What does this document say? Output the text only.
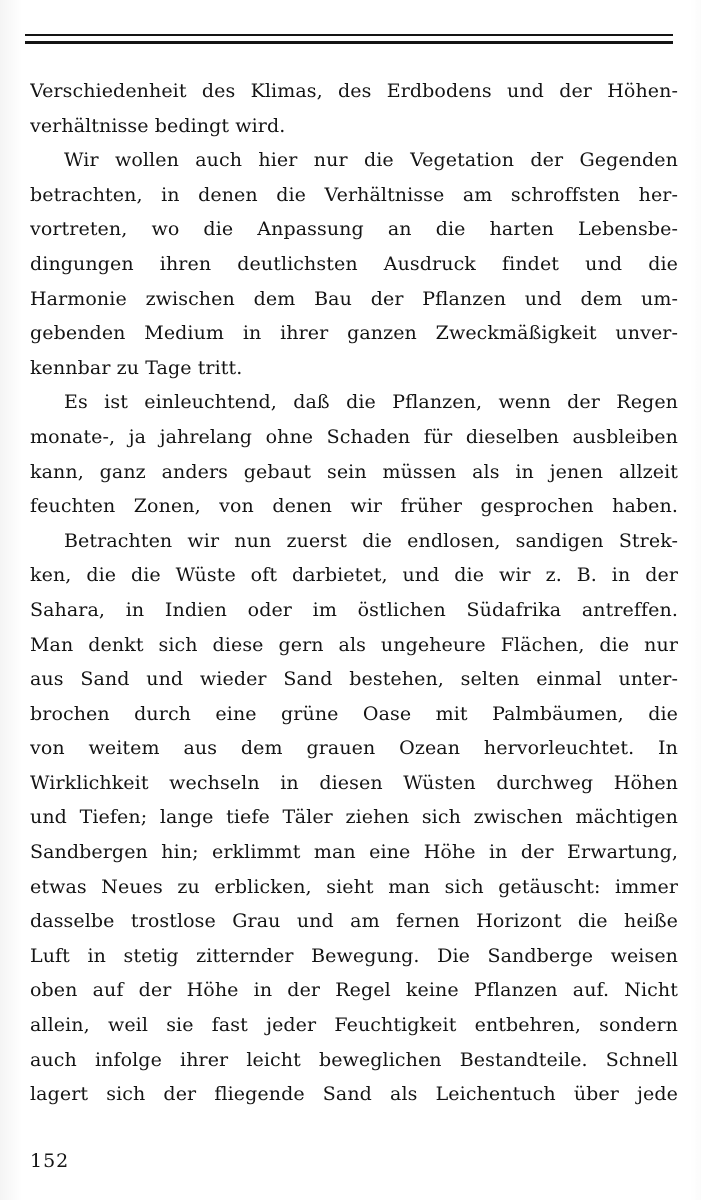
Verschiedenheit des Klimas, des Erdbodens und der Höhen-
verhältnisse bedingt wird.
Wir wollen auch hier nur die Vegetation der Gegenden
betrachten, in denen die Verhältnisse am schroffsten her-
vortreten, wo die Anpassung an die harten Lebensbe-
dingungen ihren deutlichsten Ausdruck findet und die
Harmonie zwischen dem Bau der Pflanzen und dem um-
gebenden Medium in ihrer ganzen Zweckmäßigkeit unver-
kennbar zu Tage tritt.
Es ist einleuchtend, daß die Pflanzen, wenn der Regen
monate-, ja jahrelang ohne Schaden für dieselben ausbleiben
kann, ganz anders gebaut sein müssen als in jenen allzeit
feuchten Zonen, von denen wir früher gesprochen haben.
Betrachten wir nun zuerst die endlosen, sandigen Strek-
ken, die die Wüste oft darbietet, und die wir z. B. in der
Sahara, in Indien oder im östlichen Südafrika antreffen.
Man denkt sich diese gern als ungeheure Flächen, die nur
aus Sand und wieder Sand bestehen, selten einmal unter-
brochen durch eine grüne Oase mit Palmbäumen, die
von weitem aus dem grauen Ozean hervorleuchtet. In
Wirklichkeit wechseln in diesen Wüsten durchweg Höhen
und Tiefen; lange tiefe Täler ziehen sich zwischen mächtigen
Sandbergen hin; erklimmt man eine Höhe in der Erwartung,
etwas Neues zu erblicken, sieht man sich getäuscht: immer
dasselbe trostlose Grau und am fernen Horizont die heiße
Luft in stetig zitternder Bewegung. Die Sandberge weisen
oben auf der Höhe in der Regel keine Pflanzen auf. Nicht
allein, weil sie fast jeder Feuchtigkeit entbehren, sondern
auch infolge ihrer leicht beweglichen Bestandteile. Schnell
lagert sich der fliegende Sand als Leichentuch über jede
152
